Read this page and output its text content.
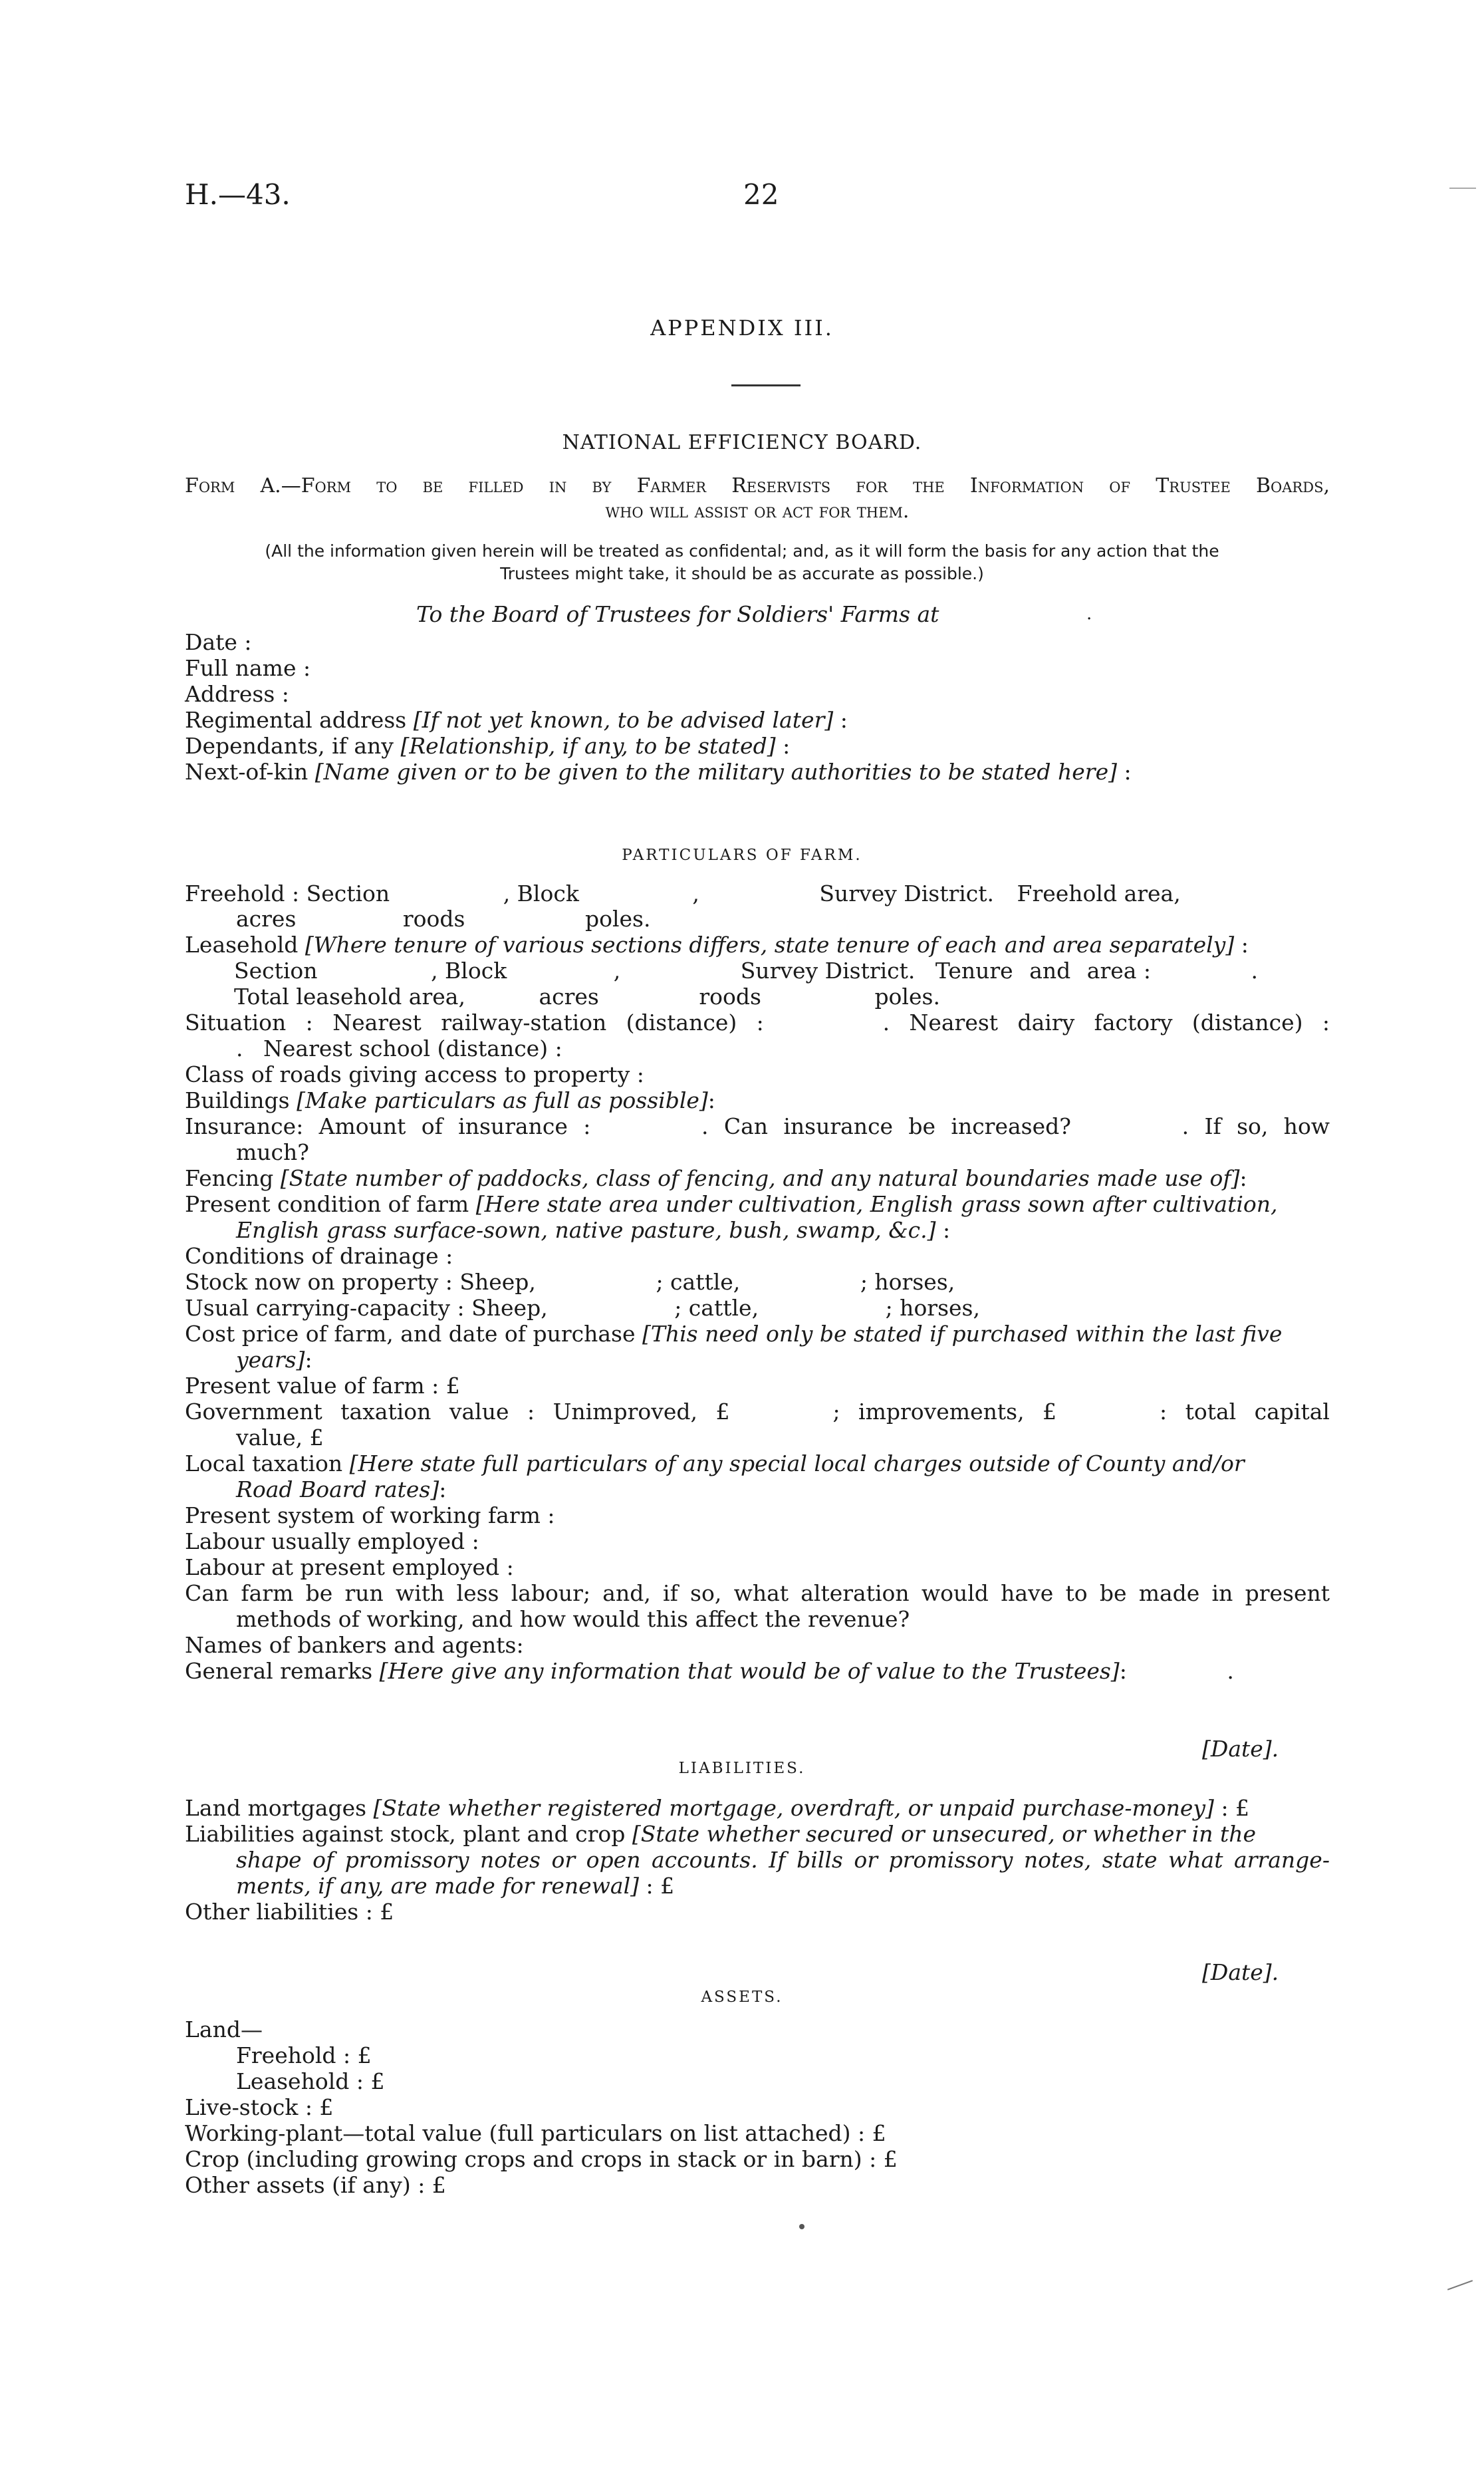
H.—43.	22
APPENDIX III.
NATIONAL EFFICIENCY BOARD.
Form A.—Form to be filled in by Farmer Reservists for the Information of Trustee Boards,
who will assist or act for them.
(All the information given herein will be treated as confidental; and, as it will form the basis for any action that the
Trustees might take, it should be as accurate as possible.)
To the Board of Trustees for Soldiers' Farms at	.
Date :
Full name :
Address :
Regimental address [If not yet known, to be advised later] :
Dependants, if any [Relationship, if any, to be stated] :
Next-of-kin [Name given or to be given to the military authorities to be stated here] :
PARTICULARS OF FARM.
Freehold : Section	, Block	,	Survey District. Freehold area,
acres	roods	poles.
Leasehold [Where tenure of various sections differs, state tenure of each and area separately] :
Section	, Block	,	Survey District. Tenure and area :	.
Total leasehold area,	acres	roods	poles.
Situation : Nearest railway-station (distance) :	. Nearest dairy factory (distance) :
. Nearest school (distance) :
Class of roads giving access to property :
Buildings [Make particulars as full as possible]:
Insurance: Amount of insurance :	. Can insurance be increased?	. If so, how
much?
Fencing [State number of paddocks, class of fencing, and any natural boundaries made use of]:
Present condition of farm [Here state area under cultivation, English grass sown after cultivation,
English grass surface-sown, native pasture, bush, swamp, &c.] :
Conditions of drainage :
Stock now on property : Sheep,	; cattle,	; horses,
Usual carrying-capacity : Sheep,	; cattle,	; horses,
Cost price of farm, and date of purchase [This need only be stated if purchased within the last five
years]:
Present value of farm : £
Government taxation value : Unimproved, £	; improvements, £	: total capital
value, £
Local taxation [Here state full particulars of any special local charges outside of County and/or
Road Board rates]:
Present system of working farm :
Labour usually employed :
Labour at present employed :
Can farm be run with less labour; and, if so, what alteration would have to be made in present
methods of working, and how would this affect the revenue?
Names of bankers and agents:
General remarks [Here give any information that would be of value to the Trustees]:	.
[Date].
LIABILITIES.
Land mortgages [State whether registered mortgage, overdraft, or unpaid purchase-money] : £
Liabilities against stock, plant and crop [State whether secured or unsecured, or whether in the
shape of promissory notes or open accounts. If bills or promissory notes, state what arrange-
ments, if any, are made for renewal] : £
Other liabilities : £
[Date].
ASSETS.
Land—
Freehold : £
Leasehold : £
Live-stock : £
Working-plant—total value (full particulars on list attached) : £
Crop (including growing crops and crops in stack or in barn) : £
Other assets (if any) : £
